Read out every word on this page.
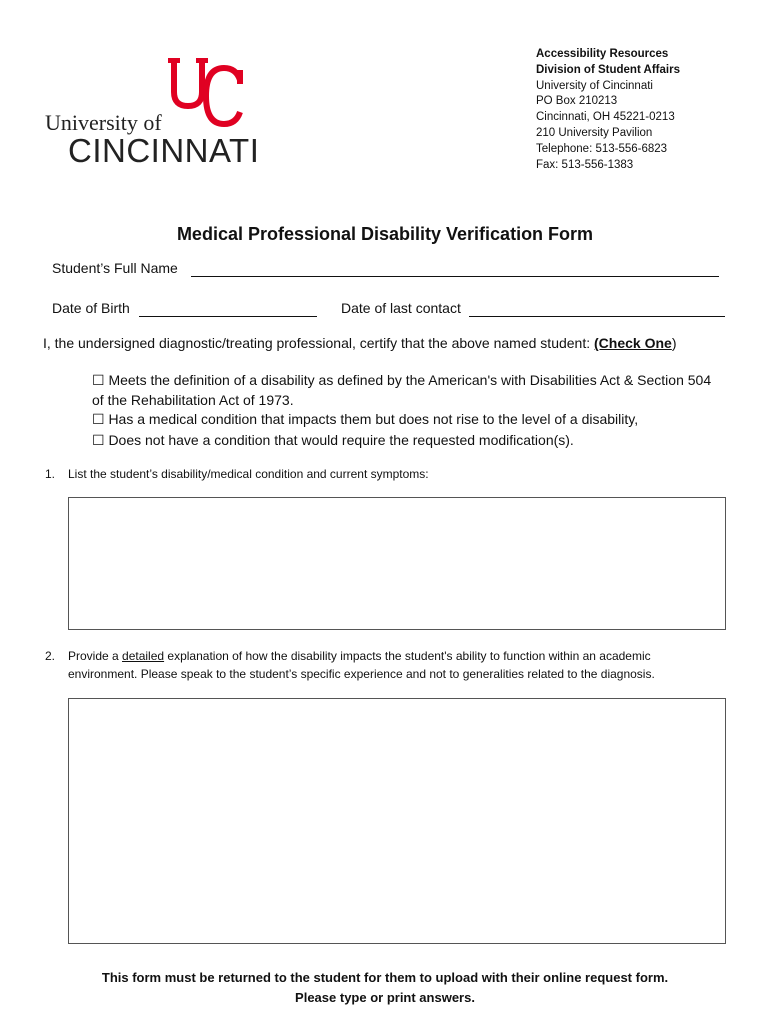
University of
CINCINNATI
Accessibility Resources
Division of Student Affairs
University of Cincinnati
PO Box 210213
Cincinnati, OH 45221-0213
210 University Pavilion
Telephone: 513-556-6823
Fax: 513-556-1383
Medical Professional Disability Verification Form
Student’s Full Name
Date of Birth	Date of last contact
I, the undersigned diagnostic/treating professional, certify that the above named student: (Check One)
☐ Meets the definition of a disability as defined by the American's with Disabilities Act & Section 504
of the Rehabilitation Act of 1973.
☐ Has a medical condition that impacts them but does not rise to the level of a disability,
☐ Does not have a condition that would require the requested modification(s).
1. List the student’s disability/medical condition and current symptoms:
2. Provide a detailed explanation of how the disability impacts the student's ability to function within an academic
environment. Please speak to the student’s specific experience and not to generalities related to the diagnosis.
This form must be returned to the student for them to upload with their online request form.
Please type or print answers.
